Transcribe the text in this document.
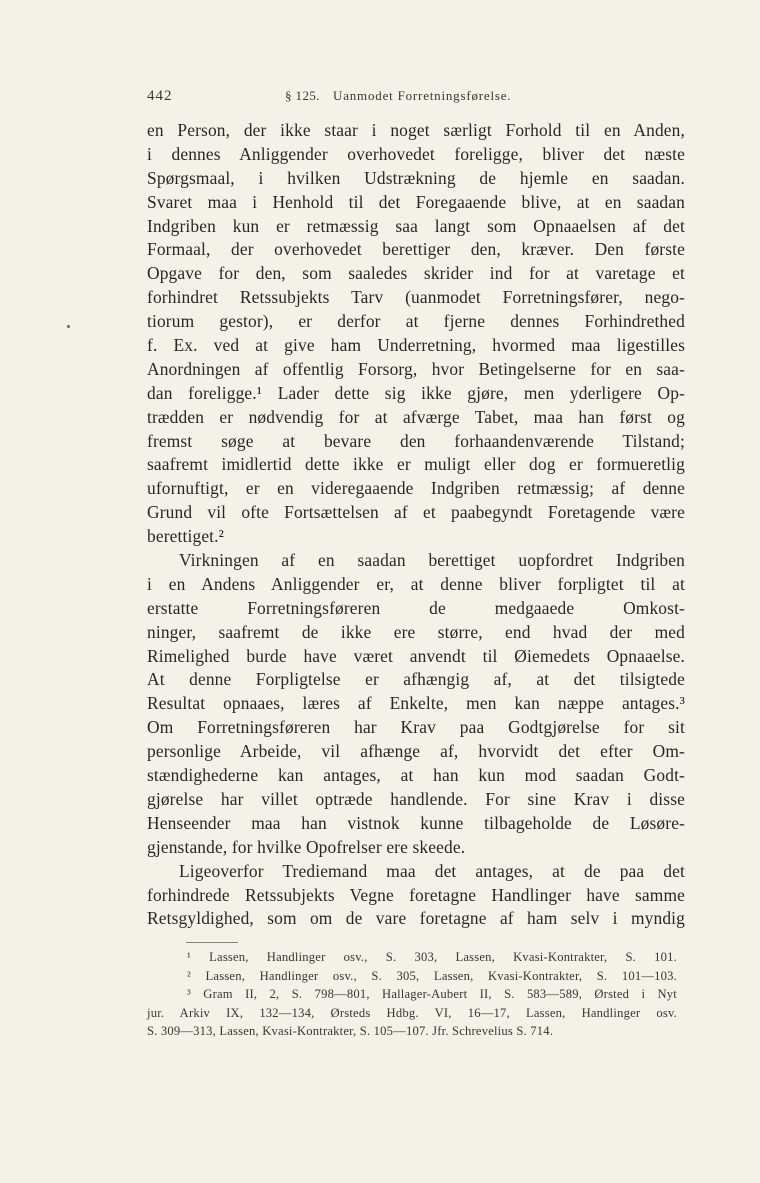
442	§ 125. Uanmodet Forretningsførelse.
en Person, der ikke staar i noget særligt Forhold til en Anden,
i dennes Anliggender overhovedet foreligge, bliver det næste
Spørgsmaal, i hvilken Udstrækning de hjemle en saadan.
Svaret maa i Henhold til det Foregaaende blive, at en saadan
Indgriben kun er retmæssig saa langt som Opnaaelsen af det
Formaal, der overhovedet berettiger den, kræver. Den første
Opgave for den, som saaledes skrider ind for at varetage et
forhindret Retssubjekts Tarv (uanmodet Forretningsfører, nego-
tiorum gestor), er derfor at fjerne dennes Forhindrethed
f. Ex. ved at give ham Underretning, hvormed maa ligestilles
Anordningen af offentlig Forsorg, hvor Betingelserne for en saa-
dan foreligge.¹ Lader dette sig ikke gjøre, men yderligere Op-
trædden er nødvendig for at afværge Tabet, maa han først og
fremst søge at bevare den forhaandenværende Tilstand;
saafremt imidlertid dette ikke er muligt eller dog er formueretlig
ufornuftigt, er en videregaaende Indgriben retmæssig; af denne
Grund vil ofte Fortsættelsen af et paabegyndt Foretagende være
berettiget.²
Virkningen af en saadan berettiget uopfordret Indgriben
i en Andens Anliggender er, at denne bliver forpligtet til at
erstatte Forretningsføreren de medgaaede Omkost-
ninger, saafremt de ikke ere større, end hvad der med
Rimelighed burde have været anvendt til Øiemedets Opnaaelse.
At denne Forpligtelse er afhængig af, at det tilsigtede
Resultat opnaaes, læres af Enkelte, men kan næppe antages.³
Om Forretningsføreren har Krav paa Godtgjørelse for sit
personlige Arbeide, vil afhænge af, hvorvidt det efter Om-
stændighederne kan antages, at han kun mod saadan Godt-
gjørelse har villet optræde handlende. For sine Krav i disse
Henseender maa han vistnok kunne tilbageholde de Løsøre-
gjenstande, for hvilke Opofrelser ere skeede.
Ligeoverfor Trediemand maa det antages, at de paa det
forhindrede Retssubjekts Vegne foretagne Handlinger have samme
Retsgyldighed, som om de vare foretagne af ham selv i myndig
¹ Lassen, Handlinger osv., S. 303, Lassen, Kvasi-Kontrakter, S. 101.
² Lassen, Handlinger osv., S. 305, Lassen, Kvasi-Kontrakter, S. 101—103.
³ Gram II, 2, S. 798—801, Hallager-Aubert II, S. 583—589, Ørsted i Nyt
jur. Arkiv IX, 132—134, Ørsteds Hdbg. VI, 16—17, Lassen, Handlinger osv.
S. 309—313, Lassen, Kvasi-Kontrakter, S. 105—107. Jfr. Schrevelius S. 714.
